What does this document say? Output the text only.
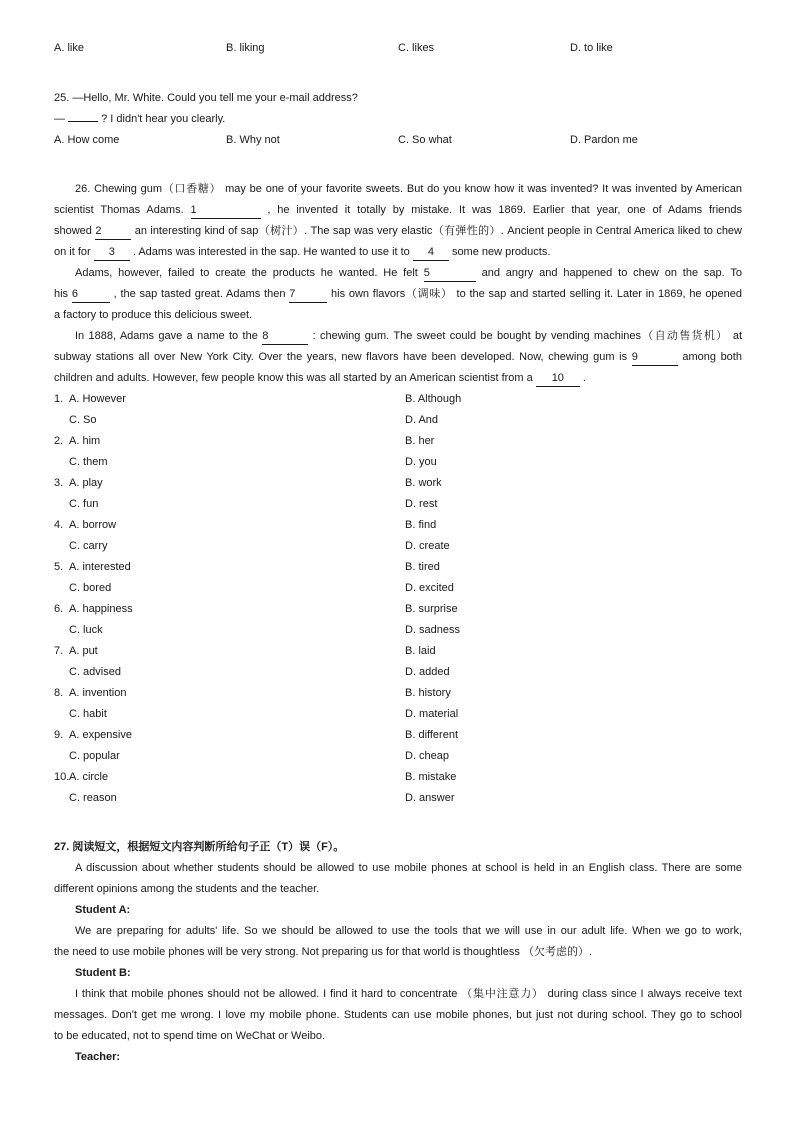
A. like	B. liking	C. likes	D. to like
25. —Hello, Mr. White. Could you tell me your e-mail address?
—	? I didn't hear you clearly.
A. How come	B. Why not	C. So what	D. Pardon me
26. Chewing gum（口香糖） may be one of your favorite sweets. But do you know how it was invented? It was invented by American
scientist Thomas Adams. 1	, he invented it totally by mistake. It was 1869. Earlier that year, one of Adams friends
showed 2	an interesting kind of sap（树汁）. The sap was very elastic（有弹性的）. Ancient people in Central America liked to chew
on it for 3 . Adams was interested in the sap. He wanted to use it to 4 some new products.
Adams, however, failed to create the products he wanted. He felt 5	and angry and happened to chew on the sap. To
his 6	, the sap tasted great. Adams then 7	his own flavors（调味） to the sap and started selling it. Later in 1869, he opened
a factory to produce this delicious sweet.
In 1888, Adams gave a name to the 8	: chewing gum. The sweet could be bought by vending machines（自动售货机） at
subway stations all over New York City. Over the years, new flavors have been developed. Now, chewing gum is 9	among both
children and adults. However, few people know this was all started by an American scientist from a 10 .
1. A. However	B. Although
C. So	D. And
2. A. him	B. her
C. them	D. you
3. A. play	B. work
C. fun	D. rest
4. A. borrow	B. find
C. carry	D. create
5. A. interested	B. tired
C. bored	D. excited
6. A. happiness	B. surprise
C. luck	D. sadness
7. A. put	B. laid
C. advised	D. added
8. A. invention	B. history
C. habit	D. material
9. A. expensive	B. different
C. popular	D. cheap
10. A. circle	B. mistake
C. reason	D. answer
27. 阅读短文，根据短文内容判断所给句子正（T）误（F）。
A discussion about whether students should be allowed to use mobile phones at school is held in an English class. There are some
different opinions among the students and the teacher.
Student A:
We are preparing for adults' life. So we should be allowed to use the tools that we will use in our adult life. When we go to work,
the need to use mobile phones will be very strong. Not preparing us for that world is thoughtless （欠考虑的）.
Student B:
I think that mobile phones should not be allowed. I find it hard to concentrate （集中注意力） during class since I always receive text
messages. Don't get me wrong. I love my mobile phone. Students can use mobile phones, but just not during school. They go to school
to be educated, not to spend time on WeChat or Weibo.
Teacher:
